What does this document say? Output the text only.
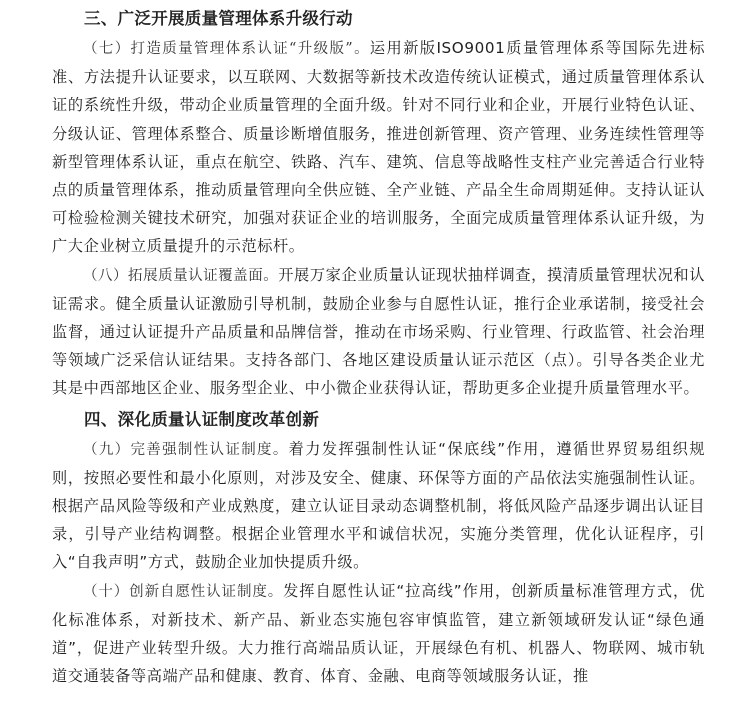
三、广泛开展质量管理体系升级行动

（七）打造质量管理体系认证“升级版”。运用新版ISO9001质量管理体系等国际先进标准、方法提升认证要求，以互联网、大数据等新技术改造传统认证模式，通过质量管理体系认证的系统性升级，带动企业质量管理的全面升级。针对不同行业和企业，开展行业特色认证、分级认证、管理体系整合、质量诊断增值服务，推进创新管理、资产管理、业务连续性管理等新型管理体系认证，重点在航空、铁路、汽车、建筑、信息等战略性支柱产业完善适合行业特点的质量管理体系，推动质量管理向全供应链、全产业链、产品全生命周期延伸。支持认证认可检验检测关键技术研究，加强对获证企业的培训服务，全面完成质量管理体系认证升级，为广大企业树立质量提升的示范标杆。

（八）拓展质量认证覆盖面。开展万家企业质量认证现状抽样调查，摸清质量管理状况和认证需求。健全质量认证激励引导机制，鼓励企业参与自愿性认证，推行企业承诺制，接受社会监督，通过认证提升产品质量和品牌信誉，推动在市场采购、行业管理、行政监管、社会治理等领域广泛采信认证结果。支持各部门、各地区建设质量认证示范区（点）。引导各类企业尤其是中西部地区企业、服务型企业、中小微企业获得认证，帮助更多企业提升质量管理水平。

四、深化质量认证制度改革创新

（九）完善强制性认证制度。着力发挥强制性认证“保底线”作用，遵循世界贸易组织规则，按照必要性和最小化原则，对涉及安全、健康、环保等方面的产品依法实施强制性认证。根据产品风险等级和产业成熟度，建立认证目录动态调整机制，将低风险产品逐步调出认证目录，引导产业结构调整。根据企业管理水平和诚信状况，实施分类管理，优化认证程序，引入“自我声明”方式，鼓励企业加快提质升级。

（十）创新自愿性认证制度。发挥自愿性认证“拉高线”作用，创新质量标准管理方式，优化标准体系，对新技术、新产品、新业态实施包容审慎监管，建立新领域研发认证“绿色通道”，促进产业转型升级。大力推行高端品质认证，开展绿色有机、机器人、物联网、城市轨道交通装备等高端产品和健康、教育、体育、金融、电商等领域服务认证，推
